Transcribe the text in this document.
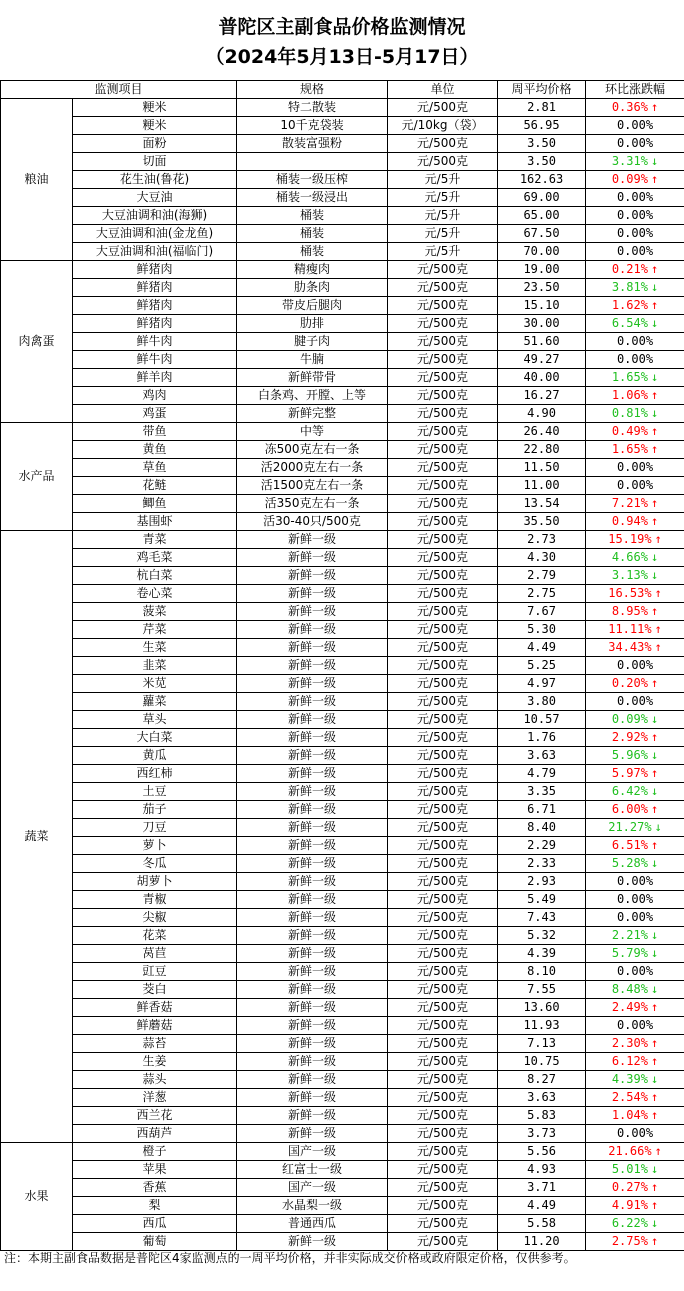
普陀区主副食品价格监测情况
（2024年5月13日-5月17日）
监测项目		规格	单位	周平均价格	环比涨跌幅
粮油	粳米	特二散装	元/500克	2.81	0.36% ↑
	粳米	10千克袋装	元/10kg（袋）	56.95	0.00%
	面粉	散装富强粉	元/500克	3.50	0.00%
	切面		元/500克	3.50	3.31% ↓
	花生油(鲁花)	桶装一级压榨	元/5升	162.63	0.09% ↑
	大豆油	桶装一级浸出	元/5升	69.00	0.00%
	大豆油调和油(海狮)	桶装	元/5升	65.00	0.00%
	大豆油调和油(金龙鱼)	桶装	元/5升	67.50	0.00%
	大豆油调和油(福临门)	桶装	元/5升	70.00	0.00%
肉禽蛋	鲜猪肉	精瘦肉	元/500克	19.00	0.21% ↑
	鲜猪肉	肋条肉	元/500克	23.50	3.81% ↓
	鲜猪肉	带皮后腿肉	元/500克	15.10	1.62% ↑
	鲜猪肉	肋排	元/500克	30.00	6.54% ↓
	鲜牛肉	腱子肉	元/500克	51.60	0.00%
	鲜牛肉	牛腩	元/500克	49.27	0.00%
	鲜羊肉	新鲜带骨	元/500克	40.00	1.65% ↓
	鸡肉	白条鸡、开膛、上等	元/500克	16.27	1.06% ↑
	鸡蛋	新鲜完整	元/500克	4.90	0.81% ↓
水产品	带鱼	中等	元/500克	26.40	0.49% ↑
	黄鱼	冻500克左右一条	元/500克	22.80	1.65% ↑
	草鱼	活2000克左右一条	元/500克	11.50	0.00%
	花鲢	活1500克左右一条	元/500克	11.00	0.00%
	鲫鱼	活350克左右一条	元/500克	13.54	7.21% ↑
	基围虾	活30-40只/500克	元/500克	35.50	0.94% ↑
蔬菜	青菜	新鲜一级	元/500克	2.73	15.19% ↑
	鸡毛菜	新鲜一级	元/500克	4.30	4.66% ↓
	杭白菜	新鲜一级	元/500克	2.79	3.13% ↓
	卷心菜	新鲜一级	元/500克	2.75	16.53% ↑
	菠菜	新鲜一级	元/500克	7.67	8.95% ↑
	芹菜	新鲜一级	元/500克	5.30	11.11% ↑
	生菜	新鲜一级	元/500克	4.49	34.43% ↑
	韭菜	新鲜一级	元/500克	5.25	0.00%
	米苋	新鲜一级	元/500克	4.97	0.20% ↑
	蘿菜	新鲜一级	元/500克	3.80	0.00%
	草头	新鲜一级	元/500克	10.57	0.09% ↓
	大白菜	新鲜一级	元/500克	1.76	2.92% ↑
	黄瓜	新鲜一级	元/500克	3.63	5.96% ↓
	西红柿	新鲜一级	元/500克	4.79	5.97% ↑
	土豆	新鲜一级	元/500克	3.35	6.42% ↓
	茄子	新鲜一级	元/500克	6.71	6.00% ↑
	刀豆	新鲜一级	元/500克	8.40	21.27% ↓
	萝卜	新鲜一级	元/500克	2.29	6.51% ↑
	冬瓜	新鲜一级	元/500克	2.33	5.28% ↓
	胡萝卜	新鲜一级	元/500克	2.93	0.00%
	青椒	新鲜一级	元/500克	5.49	0.00%
	尖椒	新鲜一级	元/500克	7.43	0.00%
	花菜	新鲜一级	元/500克	5.32	2.21% ↓
	莴苣	新鲜一级	元/500克	4.39	5.79% ↓
	豇豆	新鲜一级	元/500克	8.10	0.00%
	茭白	新鲜一级	元/500克	7.55	8.48% ↓
	鲜香菇	新鲜一级	元/500克	13.60	2.49% ↑
	鲜蘑菇	新鲜一级	元/500克	11.93	0.00%
	蒜苔	新鲜一级	元/500克	7.13	2.30% ↑
	生姜	新鲜一级	元/500克	10.75	6.12% ↑
	蒜头	新鲜一级	元/500克	8.27	4.39% ↓
	洋葱	新鲜一级	元/500克	3.63	2.54% ↑
	西兰花	新鲜一级	元/500克	5.83	1.04% ↑
	西葫芦	新鲜一级	元/500克	3.73	0.00%
水果	橙子	国产一级	元/500克	5.56	21.66% ↑
	苹果	红富士一级	元/500克	4.93	5.01% ↓
	香蕉	国产一级	元/500克	3.71	0.27% ↑
	梨	水晶梨一级	元/500克	4.49	4.91% ↑
	西瓜	普通西瓜	元/500克	5.58	6.22% ↓
	葡萄	新鲜一级	元/500克	11.20	2.75% ↑
注：本期主副食品数据是普陀区4家监测点的一周平均价格，并非实际成交价格或政府限定价格，仅供参考。
